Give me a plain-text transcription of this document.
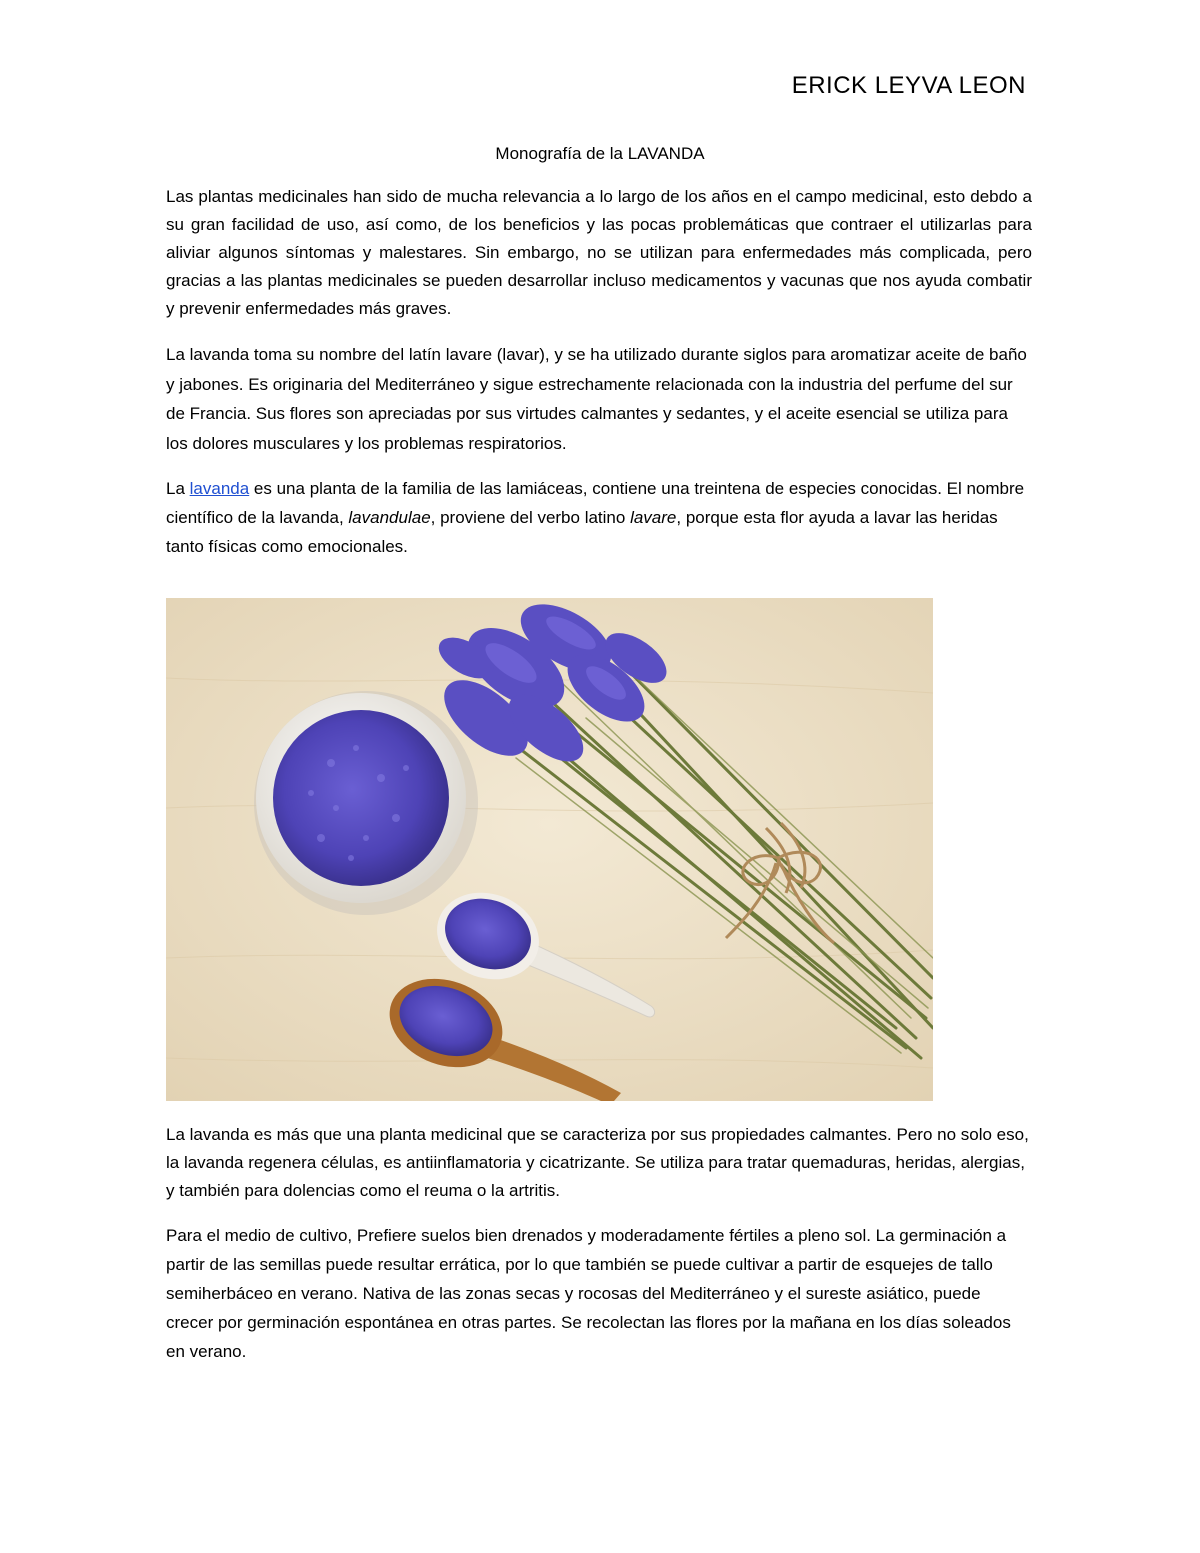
ERICK LEYVA LEON
Monografía de la LAVANDA

Las plantas medicinales han sido de mucha relevancia a lo largo de los años en el campo medicinal, esto debdo a su gran facilidad de uso, así como, de los beneficios y las pocas problemáticas que contraer el utilizarlas para aliviar algunos síntomas y malestares. Sin embargo, no se utilizan para enfermedades más complicada, pero gracias a las plantas medicinales se pueden desarrollar incluso medicamentos y vacunas que nos ayuda combatir y prevenir enfermedades más graves.

La lavanda toma su nombre del latín lavare (lavar), y se ha utilizado durante siglos para aromatizar aceite de baño y jabones. Es originaria del Mediterráneo y sigue estrechamente relacionada con la industria del perfume del sur de Francia. Sus flores son apreciadas por sus virtudes calmantes y sedantes, y el aceite esencial se utiliza para los dolores musculares y los problemas respiratorios.

La lavanda es una planta de la familia de las lamiáceas, contiene una treintena de especies conocidas. El nombre científico de la lavanda, lavandulae, proviene del verbo latino lavare, porque esta flor ayuda a lavar las heridas tanto físicas como emocionales.

La lavanda es más que una planta medicinal que se caracteriza por sus propiedades calmantes. Pero no solo eso, la lavanda regenera células, es antiinflamatoria y cicatrizante. Se utiliza para tratar quemaduras, heridas, alergias, y también para dolencias como el reuma o la artritis.

Para el medio de cultivo, Prefiere suelos bien drenados y moderadamente fértiles a pleno sol. La germinación a partir de las semillas puede resultar errática, por lo que también se puede cultivar a partir de esquejes de tallo semiherbáceo en verano. Nativa de las zonas secas y rocosas del Mediterráneo y el sureste asiático, puede crecer por germinación espontánea en otras partes. Se recolectan las flores por la mañana en los días soleados en verano.
